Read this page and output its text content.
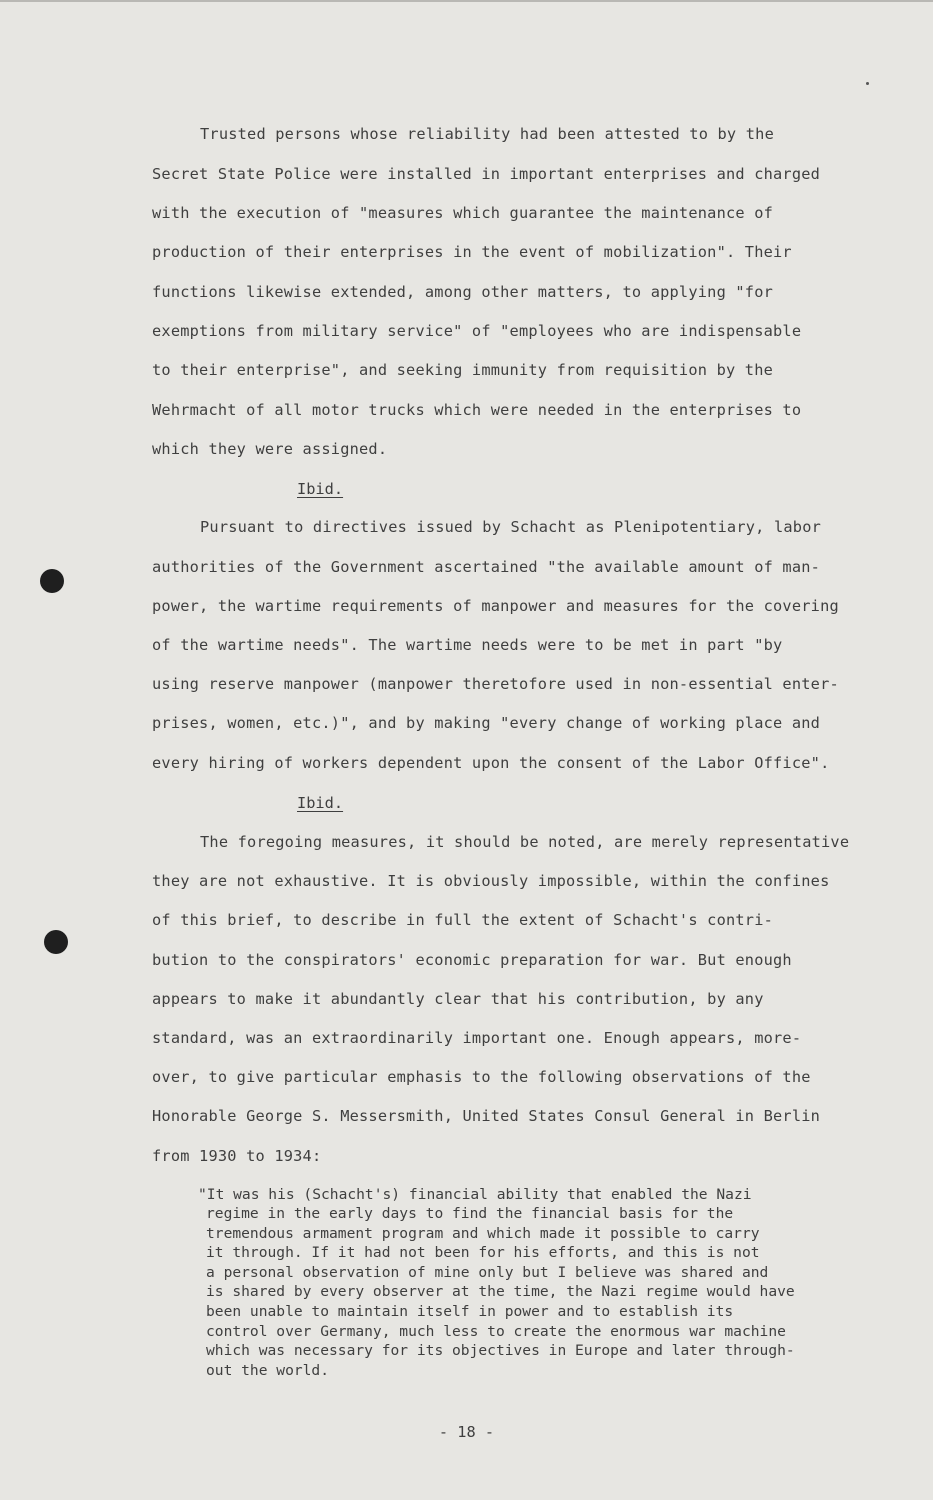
Trusted persons whose reliability had been attested to by the
Secret State Police were installed in important enterprises and charged
with the execution of "measures which guarantee the maintenance of
production of their enterprises in the event of mobilization". Their
functions likewise extended, among other matters, to applying "for
exemptions from military service" of "employees who are indispensable
to their enterprise", and seeking immunity from requisition by the
Wehrmacht of all motor trucks which were needed in the enterprises to
which they were assigned.
Ibid.
Pursuant to directives issued by Schacht as Plenipotentiary, labor
authorities of the Government ascertained "the available amount of man-
power, the wartime requirements of manpower and measures for the covering
of the wartime needs". The wartime needs were to be met in part "by
using reserve manpower (manpower theretofore used in non-essential enter-
prises, women, etc.)", and by making "every change of working place and
every hiring of workers dependent upon the consent of the Labor Office".
Ibid.
The foregoing measures, it should be noted, are merely representative
they are not exhaustive. It is obviously impossible, within the confines
of this brief, to describe in full the extent of Schacht's contri-
bution to the conspirators' economic preparation for war. But enough
appears to make it abundantly clear that his contribution, by any
standard, was an extraordinarily important one. Enough appears, more-
over, to give particular emphasis to the following observations of the
Honorable George S. Messersmith, United States Consul General in Berlin
from 1930 to 1934:
"It was his (Schacht's) financial ability that enabled the Nazi
regime in the early days to find the financial basis for the
tremendous armament program and which made it possible to carry
it through. If it had not been for his efforts, and this is not
a personal observation of mine only but I believe was shared and
is shared by every observer at the time, the Nazi regime would have
been unable to maintain itself in power and to establish its
control over Germany, much less to create the enormous war machine
which was necessary for its objectives in Europe and later through-
out the world.
- 18 -
